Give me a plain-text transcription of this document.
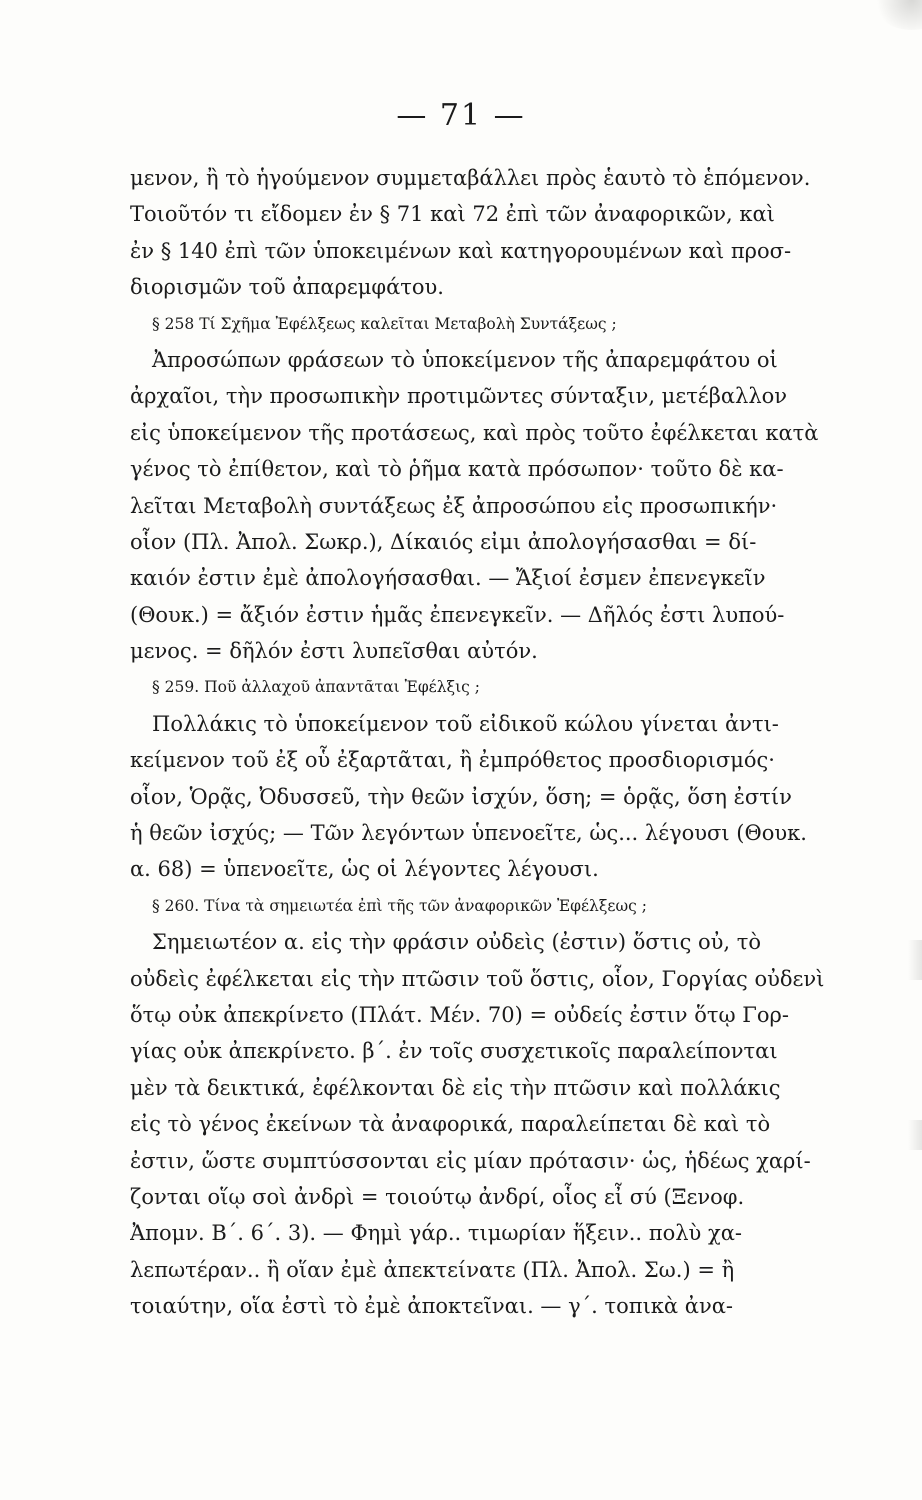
— 71 —
μενον, ἢ τὸ ἡγούμενον συμμεταβάλλει πρὸς ἑαυτὸ τὸ ἑπόμενον.
Τοιοῦτόν τι εἴδομεν ἐν § 71 καὶ 72 ἐπὶ τῶν ἀναφορικῶν, καὶ
ἐν § 140 ἐπὶ τῶν ὑποκειμένων καὶ κατηγορουμένων καὶ προσ-
διορισμῶν τοῦ ἀπαρεμφάτου.
§ 258 Τί Σχῆμα Ἐφέλξεως καλεῖται Μεταβολὴ Συντάξεως ;
Ἀπροσώπων φράσεων τὸ ὑποκείμενον τῆς ἀπαρεμφάτου οἱ
ἀρχαῖοι, τὴν προσωπικὴν προτιμῶντες σύνταξιν, μετέβαλλον
εἰς ὑποκείμενον τῆς προτάσεως, καὶ πρὸς τοῦτο ἐφέλκεται κατὰ
γένος τὸ ἐπίθετον, καὶ τὸ ῥῆμα κατὰ πρόσωπον· τοῦτο δὲ κα-
λεῖται Μεταβολὴ συντάξεως ἐξ ἀπροσώπου εἰς προσωπικήν·
οἷον (Πλ. Ἀπολ. Σωκρ.), Δίκαιός εἰμι ἀπολογήσασθαι = δί-
καιόν ἐστιν ἐμὲ ἀπολογήσασθαι. — Ἄξιοί ἐσμεν ἐπενεγκεῖν
(Θουκ.) = ἄξιόν ἐστιν ἡμᾶς ἐπενεγκεῖν. — Δῆλός ἐστι λυπού-
μενος. = δῆλόν ἐστι λυπεῖσθαι αὐτόν.
§ 259. Ποῦ ἀλλαχοῦ ἀπαντᾶται Ἐφέλξις ;
Πολλάκις τὸ ὑποκείμενον τοῦ εἰδικοῦ κώλου γίνεται ἀντι-
κείμενον τοῦ ἐξ οὗ ἐξαρτᾶται, ἢ ἐμπρόθετος προσδιορισμός·
οἷον, Ὁρᾷς, Ὀδυσσεῦ, τὴν θεῶν ἰσχύν, ὅση; = ὁρᾷς, ὅση ἐστίν
ἡ θεῶν ἰσχύς; — Τῶν λεγόντων ὑπενοεῖτε, ὡς... λέγουσι (Θουκ.
α. 68) = ὑπενοεῖτε, ὡς οἱ λέγοντες λέγουσι.
§ 260. Τίνα τὰ σημειωτέα ἐπὶ τῆς τῶν ἀναφορικῶν Ἐφέλξεως ;
Σημειωτέον α. εἰς τὴν φράσιν οὐδεὶς (ἐστιν) ὅστις οὐ, τὸ
οὐδεὶς ἐφέλκεται εἰς τὴν πτῶσιν τοῦ ὅστις, οἷον, Γοργίας οὐδενὶ
ὅτῳ οὐκ ἀπεκρίνετο (Πλάτ. Μέν. 70) = οὐδείς ἐστιν ὅτῳ Γορ-
γίας οὐκ ἀπεκρίνετο. β΄. ἐν τοῖς συσχετικοῖς παραλείπονται
μὲν τὰ δεικτικά, ἐφέλκονται δὲ εἰς τὴν πτῶσιν καὶ πολλάκις
εἰς τὸ γένος ἐκείνων τὰ ἀναφορικά, παραλείπεται δὲ καὶ τὸ
ἐστιν, ὥστε συμπτύσσονται εἰς μίαν πρότασιν· ὡς, ἡδέως χαρί-
ζονται οἵῳ σοὶ ἀνδρὶ = τοιούτῳ ἀνδρί, οἷος εἶ σύ (Ξενοφ.
Ἀπομν. Β΄. 6΄. 3). — Φημὶ γάρ.. τιμωρίαν ἥξειν.. πολὺ χα-
λεπωτέραν.. ἢ οἵαν ἐμὲ ἀπεκτείνατε (Πλ. Ἀπολ. Σω.) = ἢ
τοιαύτην, οἵα ἐστὶ τὸ ἐμὲ ἀποκτεῖναι. — γ΄. τοπικὰ ἀνα-
